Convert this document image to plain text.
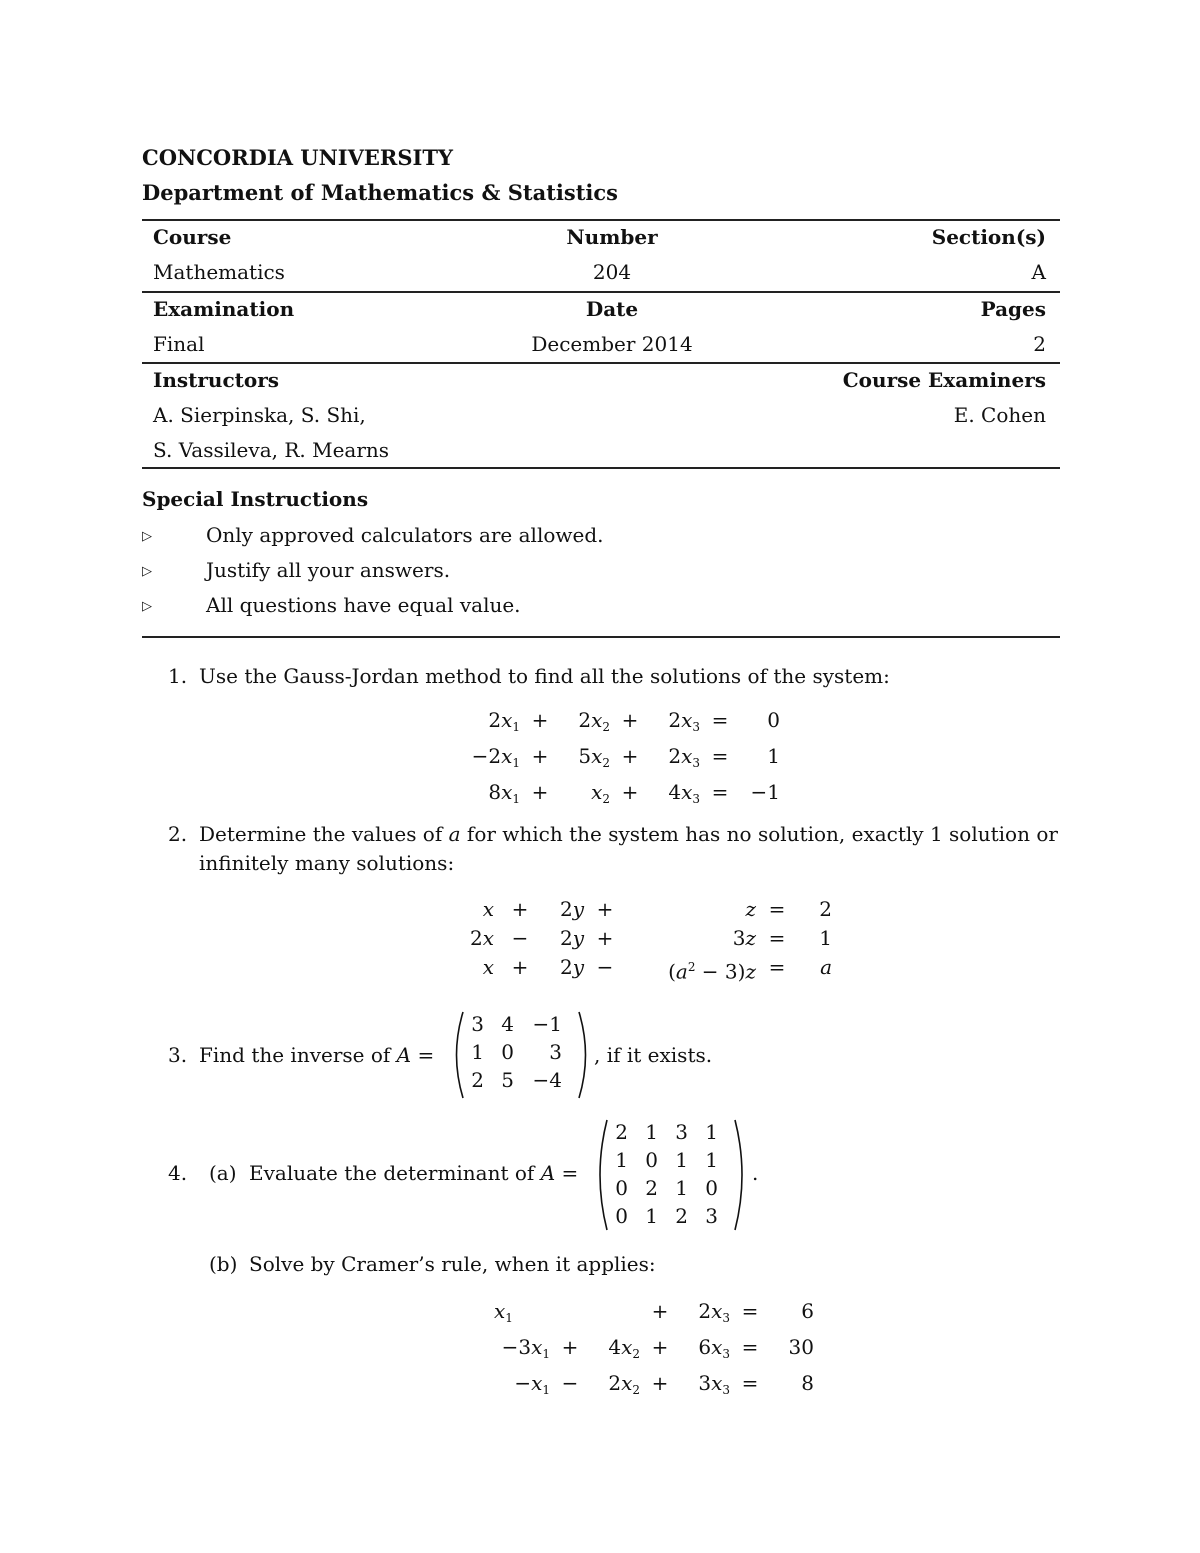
CONCORDIA UNIVERSITY
Department of Mathematics & Statistics
Course	Number	Section(s)
Mathematics	204	A
Examination	Date	Pages
Final	December 2014	2
Instructors	Course Examiners
A. Sierpinska, S. Shi,	E. Cohen
S. Vassileva, R. Mearns
Special Instructions
▷	Only approved calculators are allowed.
▷	Justify all your answers.
▷	All questions have equal value.
1. Use the Gauss-Jordan method to find all the solutions of the system:
$2x_1$ +	$2x_2$ +	$2x_3$ =	0
$-2x_1$ +	$5x_2$ +	$2x_3$ =	1
$8x_1$ +	$x_2$ +	$4x_3$ =	−1
2. Determine the values of a for which the system has no solution, exactly 1 solution or
infinitely many solutions:
x +	2y +	z =	2
2x −	2y +	3z =	1
x +	2y −	$(a^2 - 3)z$ =	a
3. Find the inverse of A =
3 4 −1
1 0	3
2 5 −4
, if it exists.
4. (a) Evaluate the determinant of A =
2 1 3 1
1 0 1 1
0 2 1 0
0 1 2 3
.
(b) Solve by Cramer’s rule, when it applies:
$x_1$	+	$2x_3$ =	6
$-3x_1$ +	$4x_2$ +	$6x_3$ =	30
$-x_1$ −	$2x_2$ +	$3x_3$ =	8
